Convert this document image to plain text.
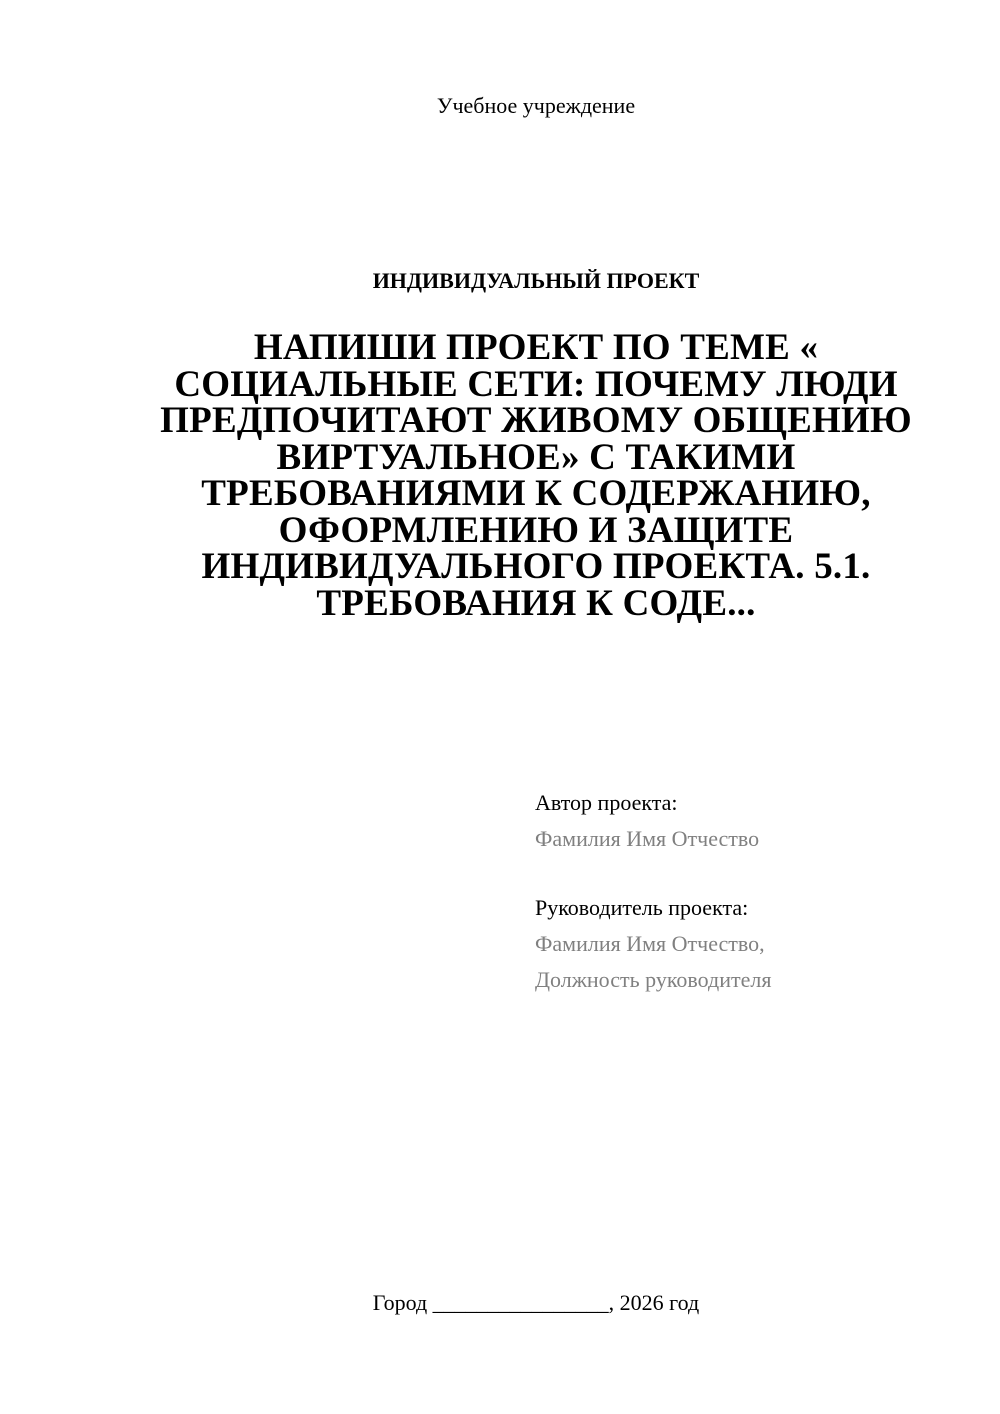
Учебное учреждение
ИНДИВИДУАЛЬНЫЙ ПРОЕКТ
НАПИШИ ПРОЕКТ ПО ТЕМЕ « СОЦИАЛЬНЫЕ СЕТИ: ПОЧЕМУ ЛЮДИ ПРЕДПОЧИТАЮТ ЖИВОМУ ОБЩЕНИЮ ВИРТУАЛЬНОЕ» С ТАКИМИ ТРЕБОВАНИЯМИ К СОДЕРЖАНИЮ, ОФОРМЛЕНИЮ И ЗАЩИТЕ ИНДИВИДУАЛЬНОГО ПРОЕКТА. 5.1. ТРЕБОВАНИЯ К СОДЕ...
Автор проекта:
Фамилия Имя Отчество
Руководитель проекта:
Фамилия Имя Отчество,
Должность руководителя
Город ________________, 2026 год
